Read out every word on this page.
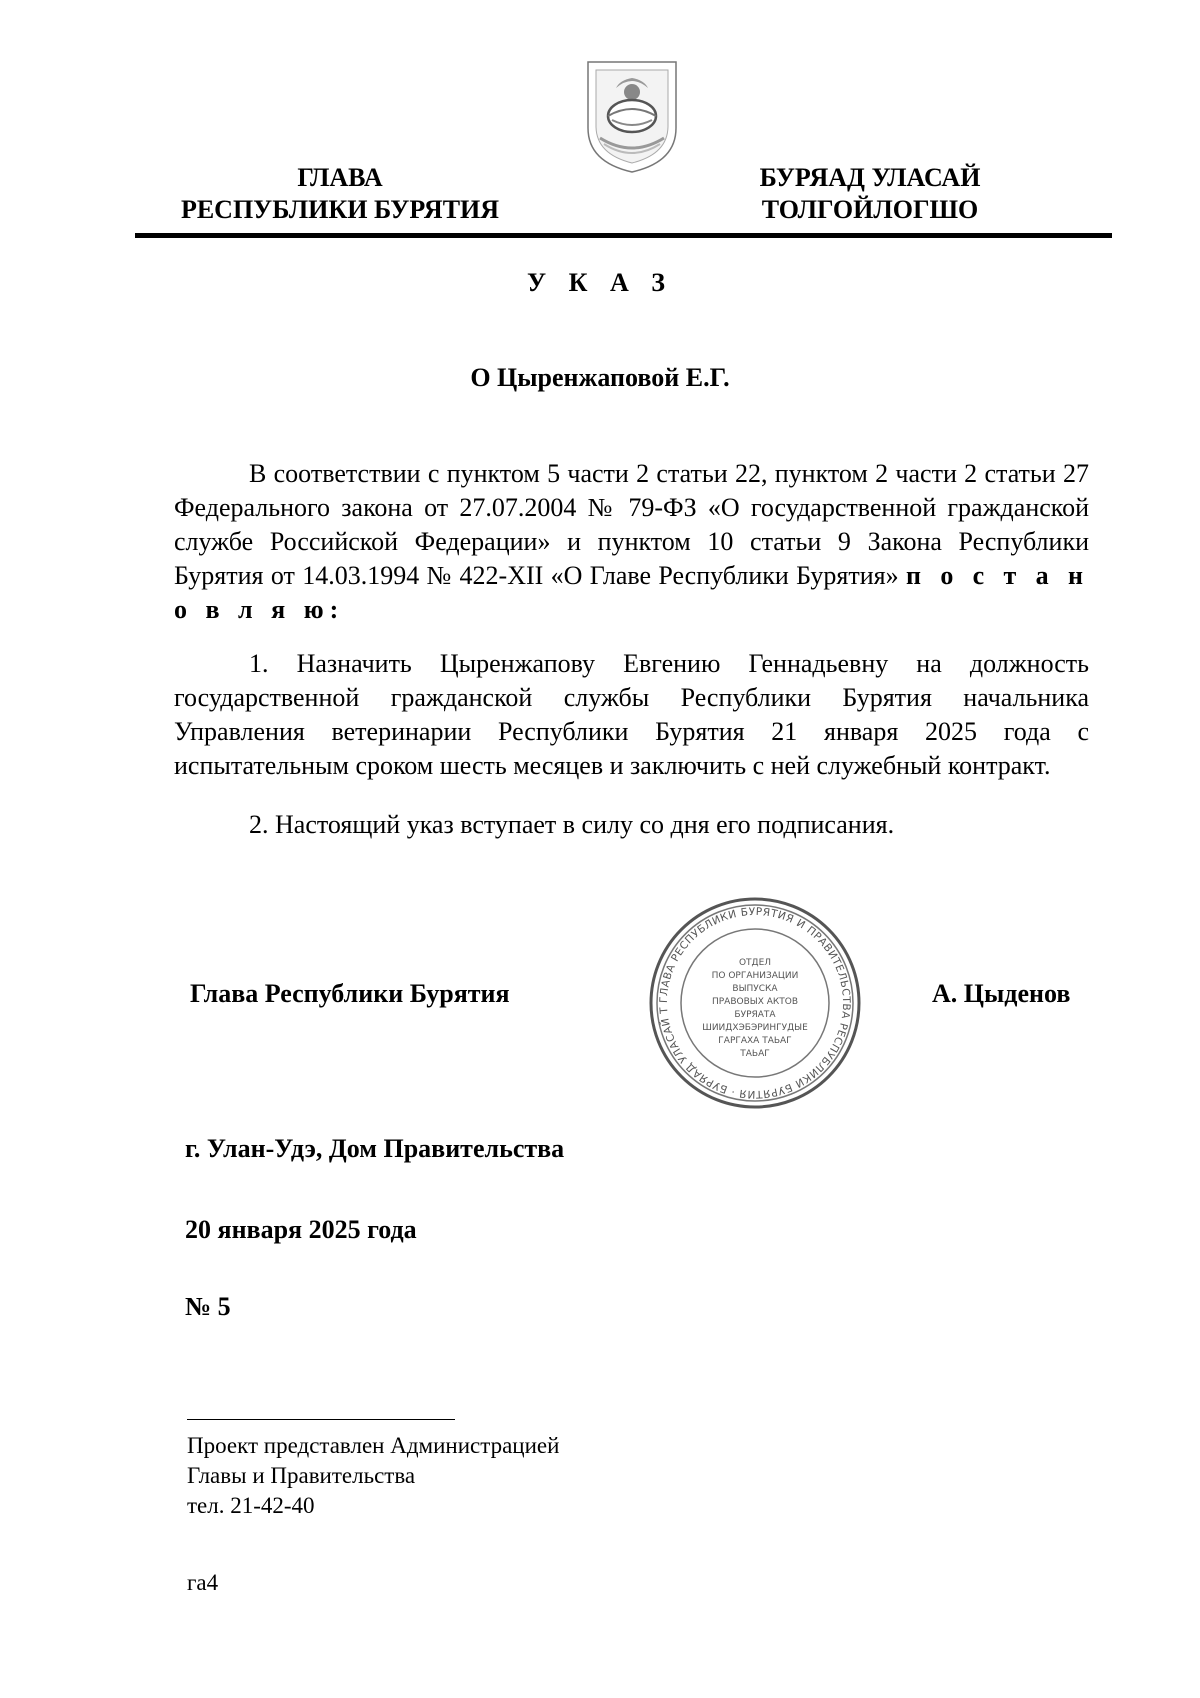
ГЛАВА
РЕСПУБЛИКИ БУРЯТИЯ
БУРЯАД УЛАСАЙ
ТОЛГОЙЛОГШО
У К А З
О Цыренжаповой Е.Г.

В соответствии с пунктом 5 части 2 статьи 22, пунктом 2 части 2 статьи 27 Федерального закона от 27.07.2004 № 79-ФЗ «О государственной гражданской службе Российской Федерации» и пунктом 10 статьи 9 Закона Республики Бурятия от 14.03.1994 № 422-XII «О Главе Республики Бурятия» п о с т а н о в л я ю:

1. Назначить Цыренжапову Евгению Геннадьевну на должность государственной гражданской службы Республики Бурятия начальника Управления ветеринарии Республики Бурятия 21 января 2025 года с испытательным сроком шесть месяцев и заключить с ней служебный контракт.

2. Настоящий указ вступает в силу со дня его подписания.

ГЛАВА РЕСПУБЛИКИ БУРЯТИЯ И ПРАВИТЕЛЬСТВА РЕСПУБЛИКИ БУРЯТИЯ · БУРЯАД УЛАСАЙ Т
ОТДЕЛ
ПО ОРГАНИЗАЦИИ
ВЫПУСКА
ПРАВОВЫХ АКТОВ
БУРЯАТА
ШИИДХЭБЭРИНГУДЫЕ
ГАРГАХА ТАЬАГ
ТАЬАГ
Глава Республики Бурятия	А. Цыденов
г. Улан-Удэ, Дом Правительства
20 января 2025 года
№ 5
Проект представлен Администрацией
Главы и Правительства
тел. 21-42-40
га4
